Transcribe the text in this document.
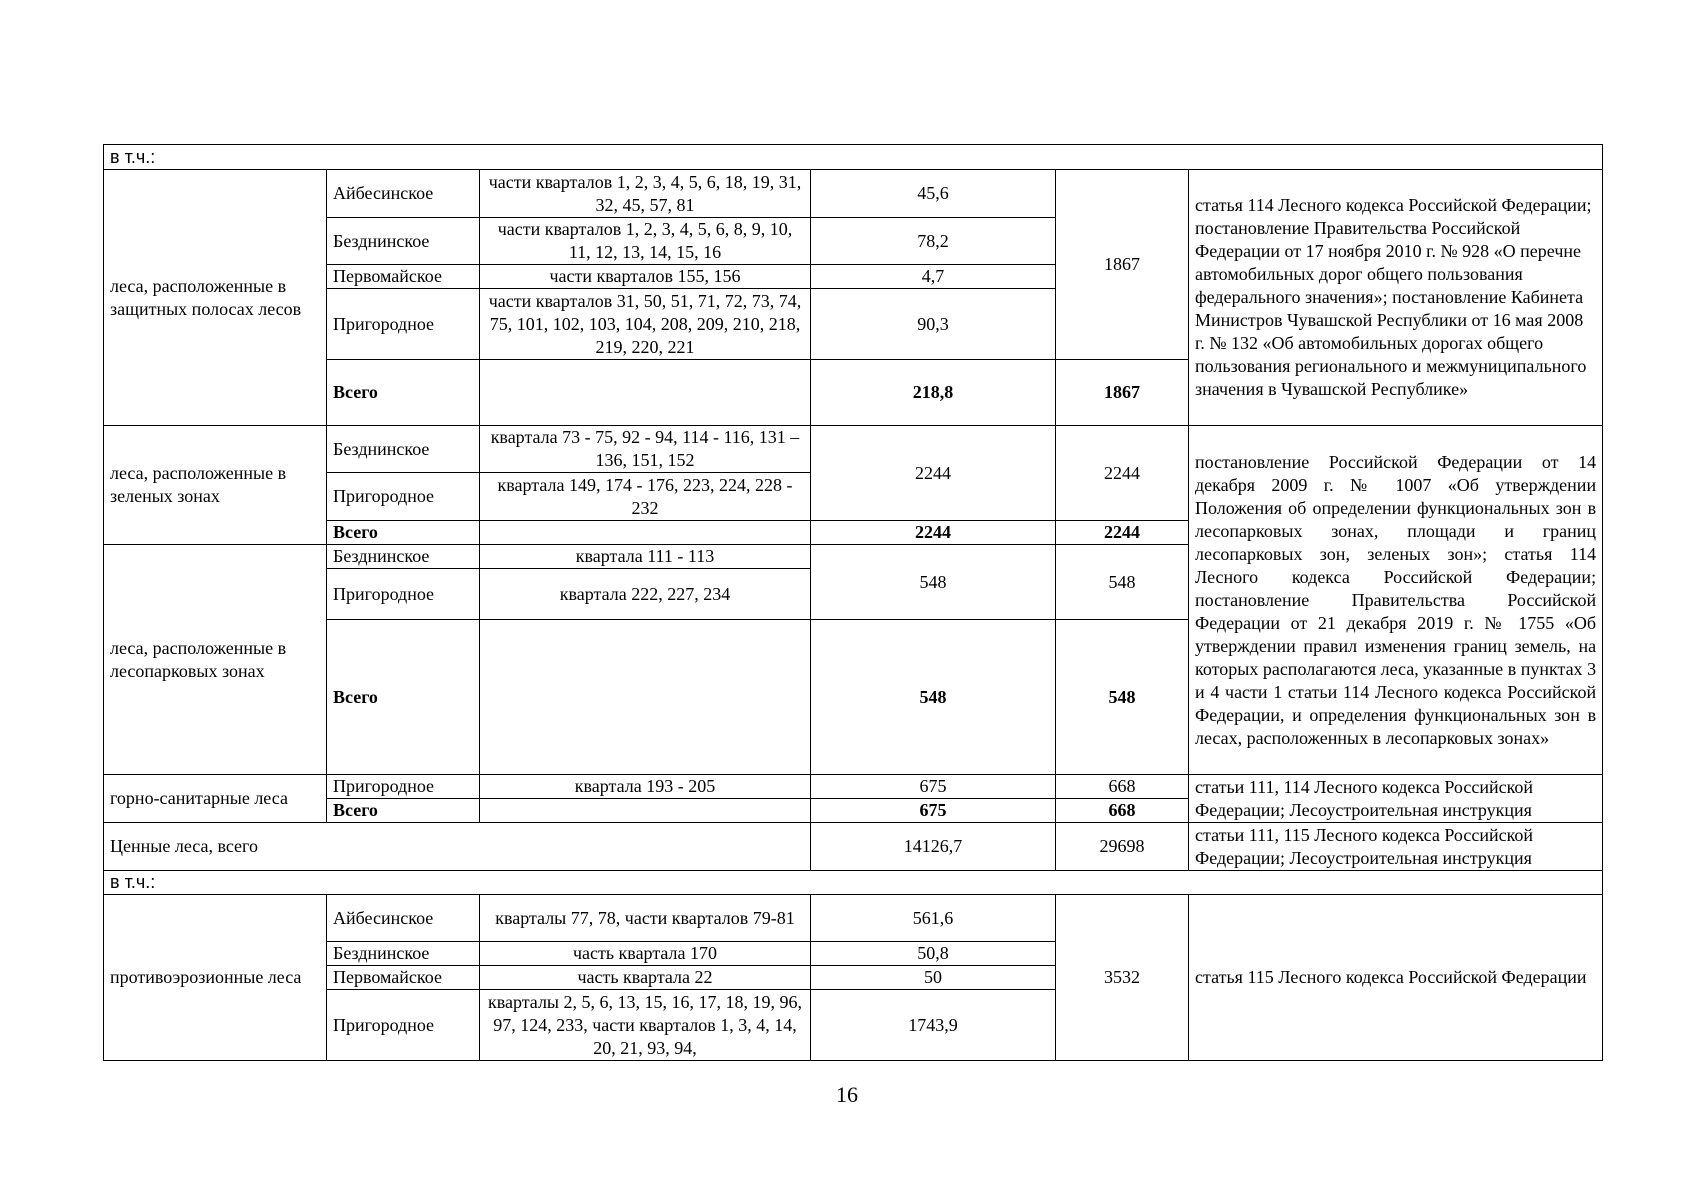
в т.ч.:					
леса, расположенные в защитных полосах лесов	Айбесинское	части кварталов 1, 2, 3, 4, 5, 6, 18, 19, 31, 32, 45, 57, 81	45,6	1867	статья 114 Лесного кодекса Российской Федерации; постановление Правительства Российской Федерации от 17 ноября 2010 г. № 928 «О перечне автомобильных дорог общего пользования федерального значения»; постановление Кабинета Министров Чувашской Республики от 16 мая 2008 г. № 132 «Об автомобильных дорогах общего пользования регионального и межмуниципального значения в Чувашской Республике»
	Безднинское	части кварталов 1, 2, 3, 4, 5, 6, 8, 9, 10, 11, 12, 13, 14, 15, 16	78,2		
	Первомайское	части кварталов 155, 156	4,7		
	Пригородное	части кварталов 31, 50, 51, 71, 72, 73, 74, 75, 101, 102, 103, 104, 208, 209, 210, 218, 219, 220, 221	90,3		
	Всего		218,8	1867	
леса, расположенные в зеленых зонах	Безднинское	квартала 73 - 75, 92 - 94, 114 - 116, 131 – 136, 151, 152	2244	2244	постановление Российской Федерации от 14 декабря 2009 г. № 1007 «Об утверждении Положения об определении функциональных зон в лесопарковых зонах, площади и границ лесопарковых зон, зеленых зон»; статья 114 Лесного кодекса Российской Федерации; постановление Правительства Российской Федерации от 21 декабря 2019 г. № 1755 «Об утверждении правил изменения границ земель, на которых располагаются леса, указанные в пунктах 3 и 4 части 1 статьи 114 Лесного кодекса Российской Федерации, и определения функциональных зон в лесах, расположенных в лесопарковых зонах»
	Пригородное	квартала 149, 174 - 176, 223, 224, 228 - 232			
	Всего		2244	2244	
леса, расположенные в лесопарковых зонах	Безднинское	квартала 111 - 113	548	548	
	Пригородное	квартала 222, 227, 234			
	Всего		548	548	
горно-санитарные леса	Пригородное	квартала 193 - 205	675	668	статьи 111, 114 Лесного кодекса Российской Федерации; Лесоустроительная инструкция
	Всего		675	668	
Ценные леса, всего			14126,7	29698	статьи 111, 115 Лесного кодекса Российской Федерации; Лесоустроительная инструкция
в т.ч.:					
противоэрозионные леса	Айбесинское	кварталы 77, 78, части кварталов 79-81	561,6	3532	статья 115 Лесного кодекса Российской Федерации
	Безднинское	часть квартала 170	50,8		
	Первомайское	часть квартала 22	50		
	Пригородное	кварталы 2, 5, 6, 13, 15, 16, 17, 18, 19, 96, 97, 124, 233, части кварталов 1, 3, 4, 14, 20, 21, 93, 94,	1743,9		
16
